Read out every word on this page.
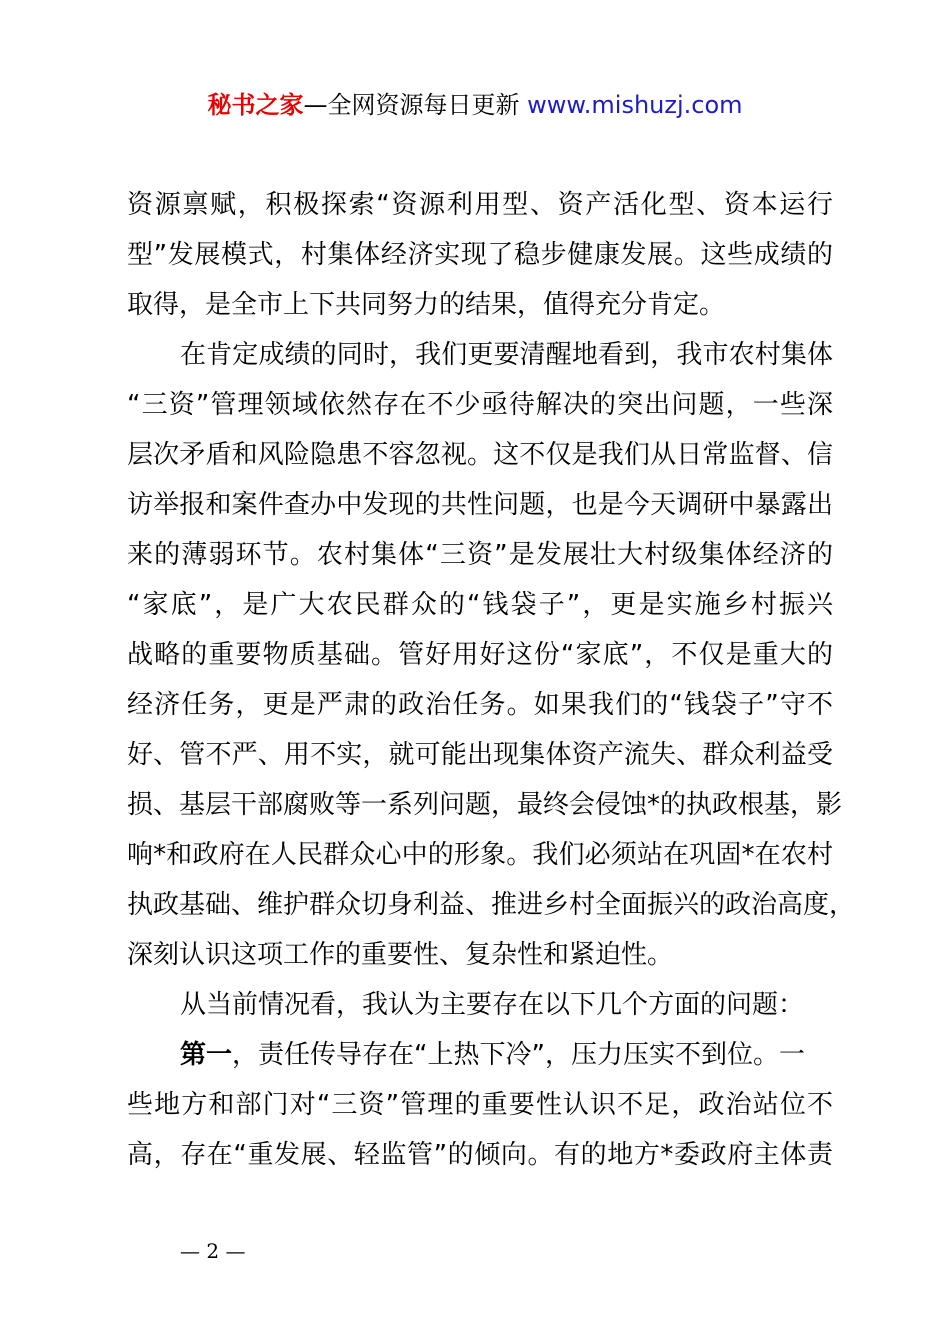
秘书之家—全网资源每日更新 www.mishuzj.com
资源禀赋，积极探索“资源利用型、资产活化型、资本运行
型”发展模式，村集体经济实现了稳步健康发展。这些成绩的
取得，是全市上下共同努力的结果，值得充分肯定。
在肯定成绩的同时，我们更要清醒地看到，我市农村集体
“三资”管理领域依然存在不少亟待解决的突出问题，一些深
层次矛盾和风险隐患不容忽视。这不仅是我们从日常监督、信
访举报和案件查办中发现的共性问题，也是今天调研中暴露出
来的薄弱环节。农村集体“三资”是发展壮大村级集体经济的
“家底”，是广大农民群众的“钱袋子”，更是实施乡村振兴
战略的重要物质基础。管好用好这份“家底”，不仅是重大的
经济任务，更是严肃的政治任务。如果我们的“钱袋子”守不
好、管不严、用不实，就可能出现集体资产流失、群众利益受
损、基层干部腐败等一系列问题，最终会侵蚀*的执政根基，影
响*和政府在人民群众心中的形象。我们必须站在巩固*在农村
执政基础、维护群众切身利益、推进乡村全面振兴的政治高度，
深刻认识这项工作的重要性、复杂性和紧迫性。
从当前情况看，我认为主要存在以下几个方面的问题：
第一，责任传导存在“上热下冷”，压力压实不到位。一
些地方和部门对“三资”管理的重要性认识不足，政治站位不
高，存在“重发展、轻监管”的倾向。有的地方*委政府主体责
— 2 —
